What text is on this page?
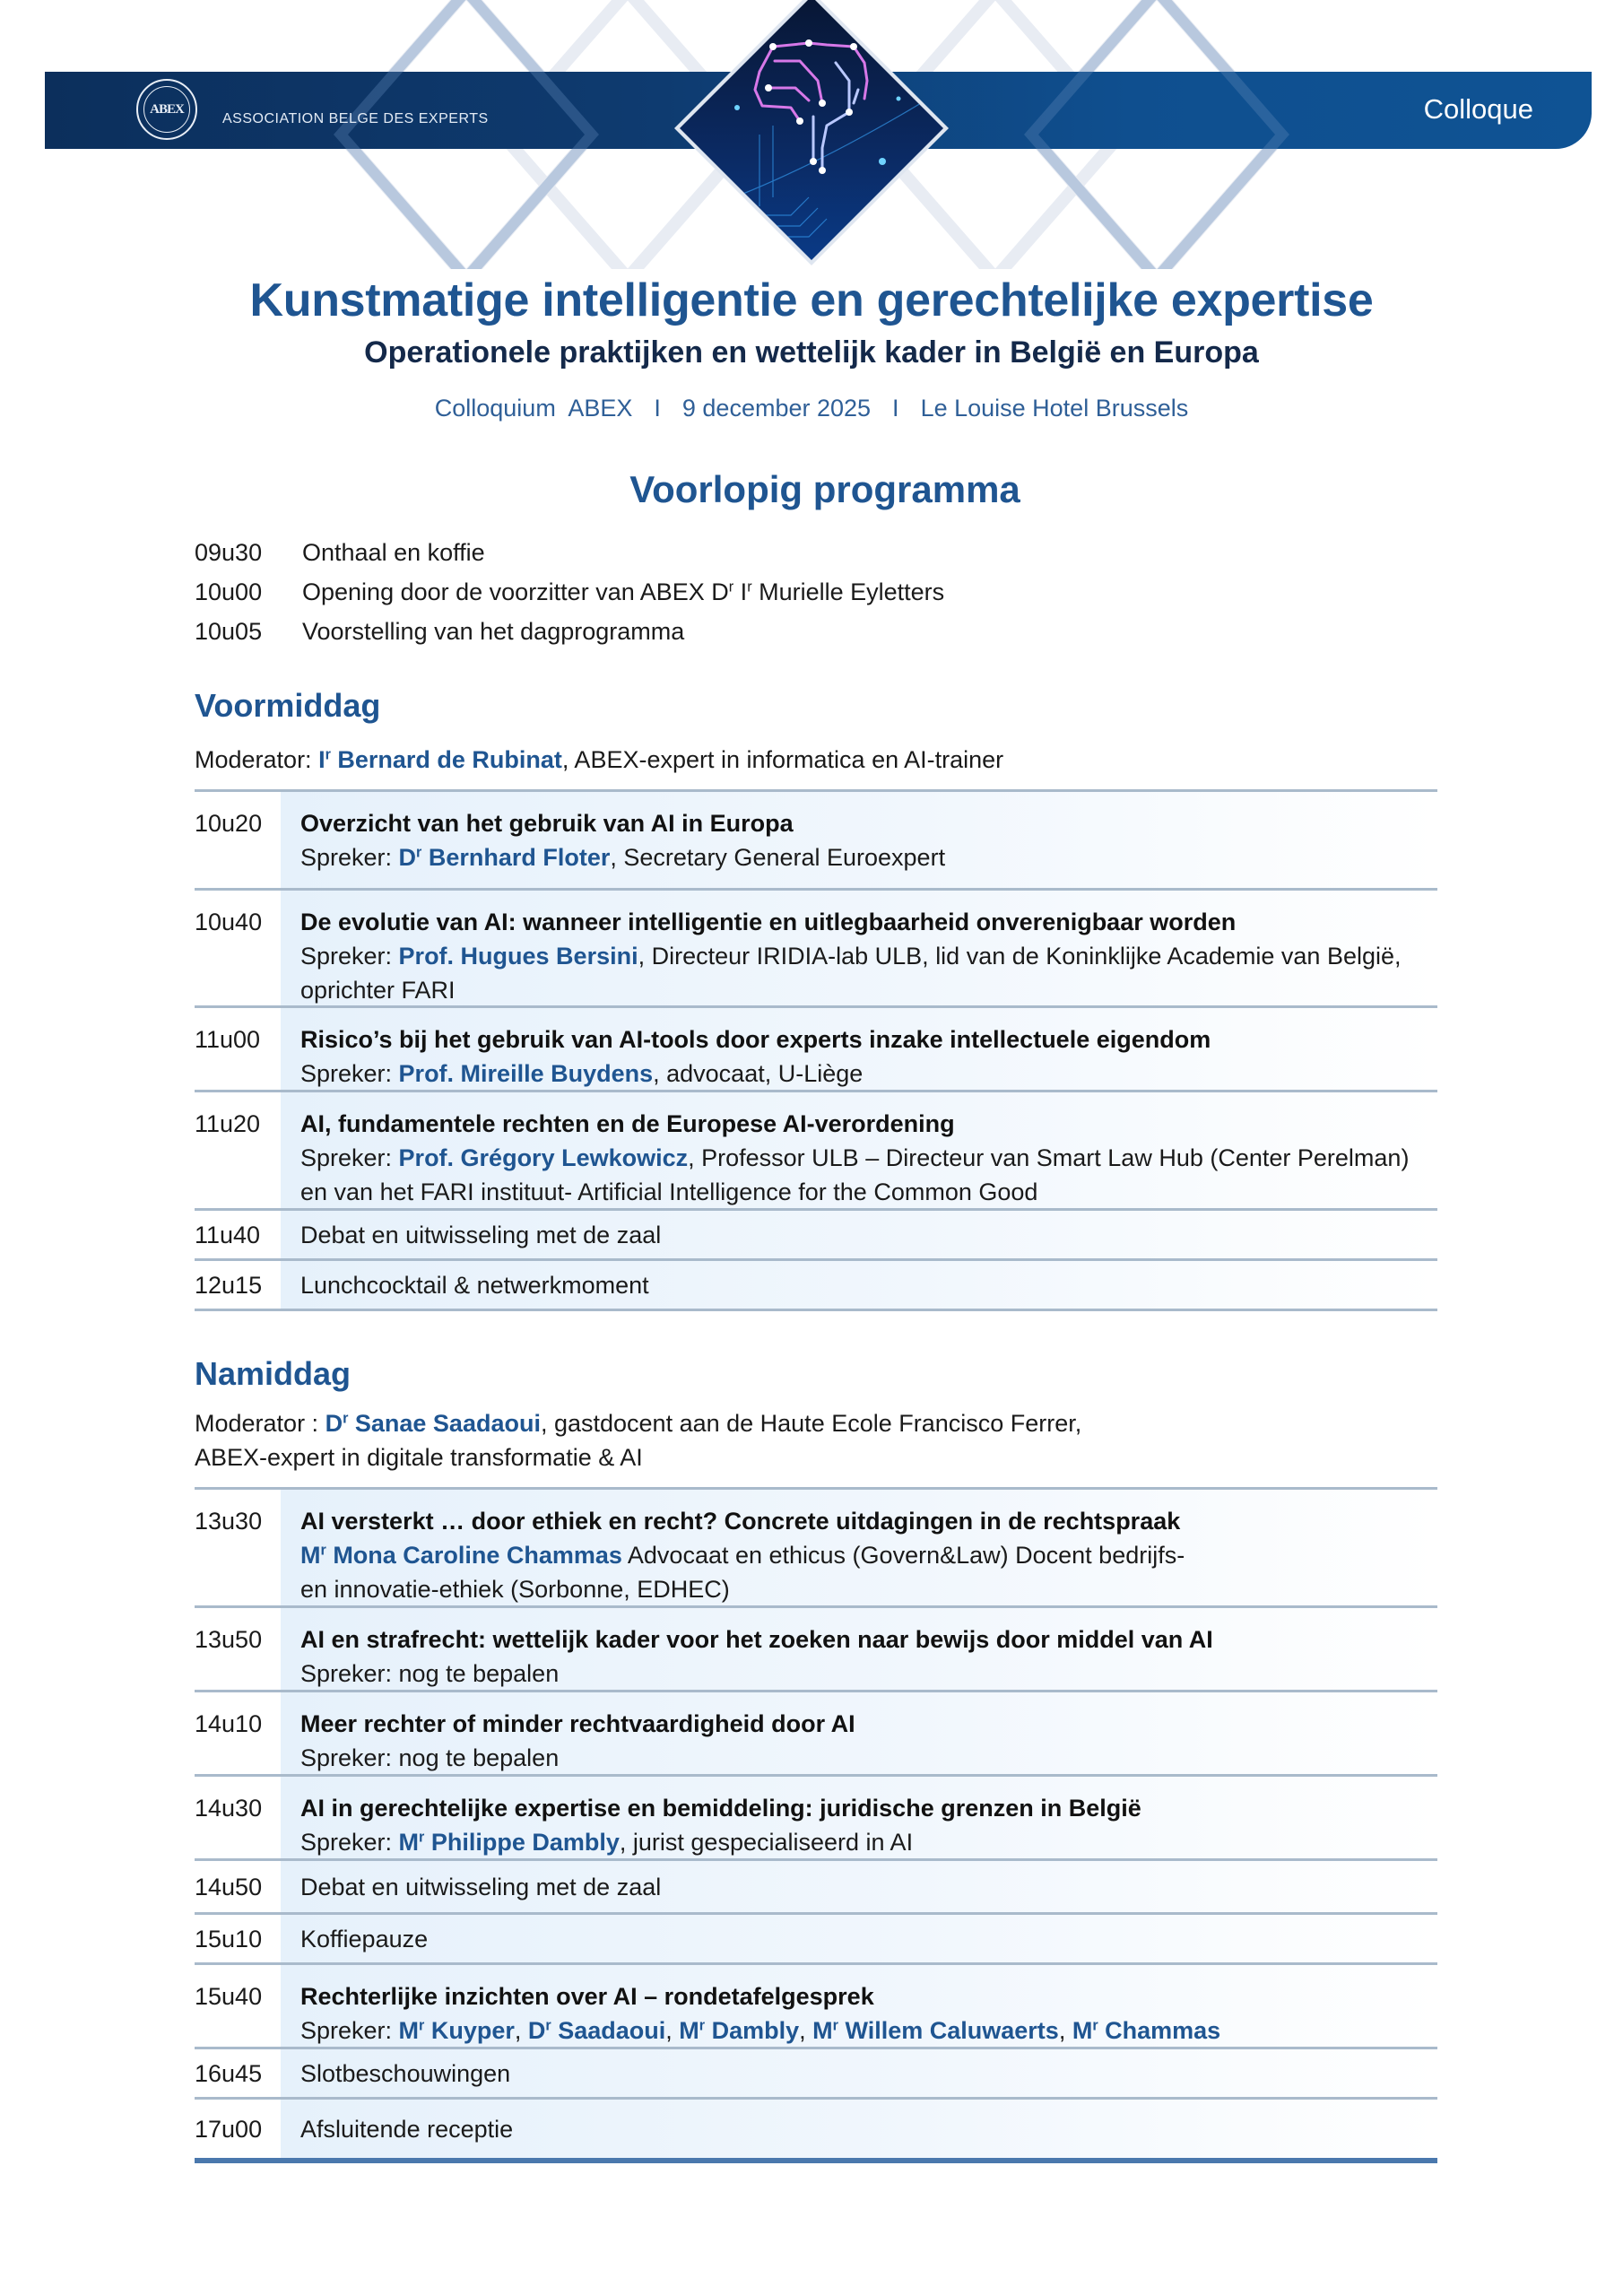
ABEX
ASSOCIATION BELGE DES EXPERTS	Colloque
Kunstmatige intelligentie en gerechtelijke expertise
Operationele praktijken en wettelijk kader in België en Europa
Colloquium  ABEX I 9 december 2025 I Le Louise Hotel Brussels
Voorlopig programma
09u30	Onthaal en koffie
10u00	Opening door de voorzitter van ABEX $D^r$ $I^r$ Murielle Eyletters
10u05	Voorstelling van het dagprogramma
Voormiddag
Moderator: $I^r$ Bernard de Rubinat, ABEX-expert in informatica en AI-trainer
10u20	Overzicht van het gebruik van AI in Europa
Spreker: $D^r$ Bernhard Floter, Secretary General Euroexpert
10u40	De evolutie van AI: wanneer intelligentie en uitlegbaarheid onverenigbaar worden
Spreker: Prof. Hugues Bersini, Directeur IRIDIA-lab ULB, lid van de Koninklijke Academie van België, oprichter FARI
11u00	Risico’s bij het gebruik van AI-tools door experts inzake intellectuele eigendom
Spreker: Prof. Mireille Buydens, advocaat, U-Liège
11u20	AI, fundamentele rechten en de Europese AI-verordening
Spreker: Prof. Grégory Lewkowicz, Professor ULB – Directeur van Smart Law Hub (Center Perelman) en van het FARI instituut- Artificial Intelligence for the Common Good
11u40	Debat en uitwisseling met de zaal
12u15	Lunchcocktail & netwerkmoment
Namiddag
Moderator : $D^r$ Sanae Saadaoui, gastdocent aan de Haute Ecole Francisco Ferrer,
ABEX-expert in digitale transformatie & AI
13u30	AI versterkt … door ethiek en recht? Concrete uitdagingen in de rechtspraak
$M^r$ Mona Caroline Chammas Advocaat en ethicus (Govern&Law) Docent bedrijfs-
en innovatie-ethiek (Sorbonne, EDHEC)
13u50	AI en strafrecht: wettelijk kader voor het zoeken naar bewijs door middel van AI
Spreker: nog te bepalen
14u10	Meer rechter of minder rechtvaardigheid door AI
Spreker: nog te bepalen
14u30	AI in gerechtelijke expertise en bemiddeling: juridische grenzen in België
Spreker: $M^r$ Philippe Dambly, jurist gespecialiseerd in AI
14u50	Debat en uitwisseling met de zaal
15u10	Koffiepauze
15u40	Rechterlijke inzichten over AI – rondetafelgesprek
Spreker: $M^r$ Kuyper, $D^r$ Saadaoui, $M^r$ Dambly, $M^r$ Willem Caluwaerts, $M^r$ Chammas
16u45	Slotbeschouwingen
17u00	Afsluitende receptie
